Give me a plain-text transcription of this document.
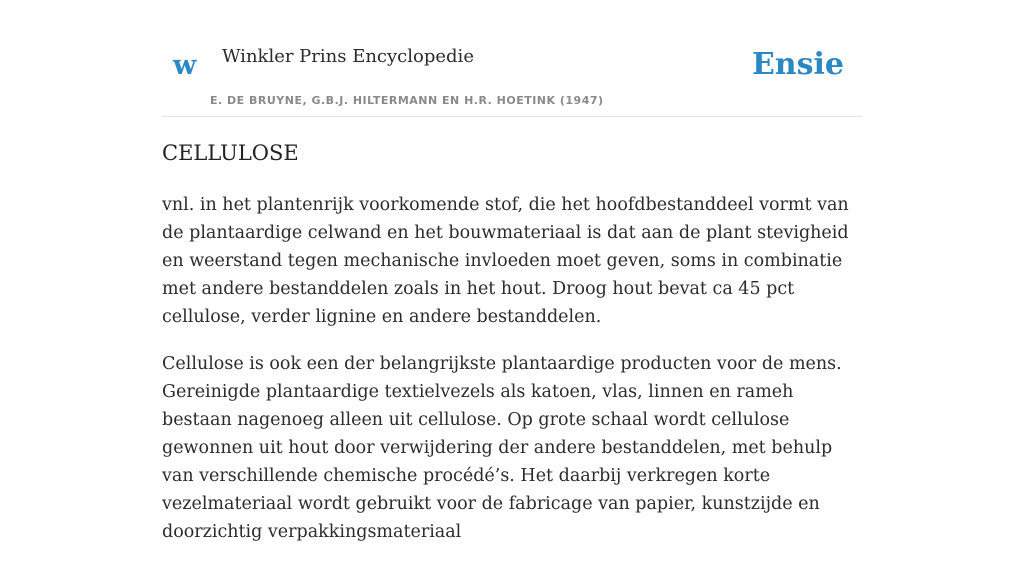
w Winkler Prins Encyclopedie
E. DE BRUYNE, G.B.J. HILTERMANN EN H.R. HOETINK (1947)
Ensie
CELLULOSE

vnl. in het plantenrijk voorkomende stof, die het hoofdbestanddeel vormt van de plantaardige celwand en het bouwmateriaal is dat aan de plant stevigheid en weerstand tegen mechanische invloeden moet geven, soms in combinatie met andere bestanddelen zoals in het hout. Droog hout bevat ca 45 pct cellulose, verder lignine en andere bestanddelen.

Cellulose is ook een der belangrijkste plantaardige producten voor de mens. Gereinigde plantaardige textielvezels als katoen, vlas, linnen en rameh bestaan nagenoeg alleen uit cellulose. Op grote schaal wordt cellulose gewonnen uit hout door verwijdering der andere bestanddelen, met behulp van verschillende chemische procédé’s. Het daarbij verkregen korte vezelmateriaal wordt gebruikt voor de fabricage van papier, kunstzijde en doorzichtig verpakkingsmateriaal
